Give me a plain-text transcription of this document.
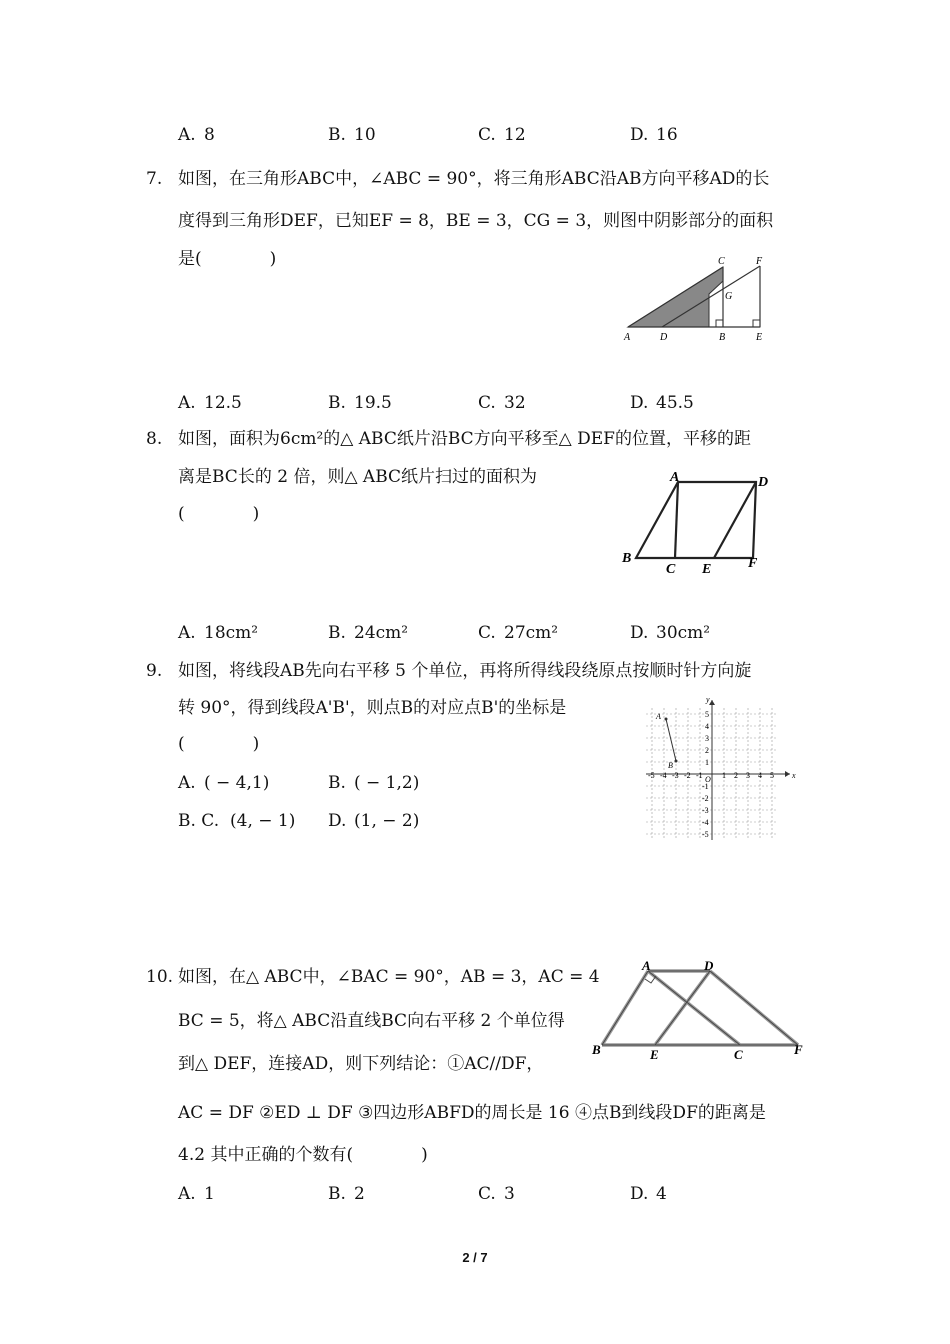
A. 8	B. 10	C. 12	D. 16
7. 如图，在三角形ABC中，∠ABC = 90°，将三角形ABC沿AB方向平移AD的长
度得到三角形DEF，已知EF = 8，BE = 3，CG = 3，则图中阴影部分的面积
是(　　　　)
A	D	B	E
C	F
G
A. 12.5	B. 19.5	C. 32	D. 45.5
8. 如图，面积为6cm²的△ ABC纸片沿BC方向平移至△ DEF的位置，平移的距
离是BC长的 2 倍，则△ ABC纸片扫过的面积为
(　　　　)
A	D
B
C E	F
A. 18cm²	B. 24cm²	C. 27cm²	D. 30cm²
9. 如图，将线段AB先向右平移 5 个单位，再将所得线段绕原点按顺时针方向旋
转 90°，得到线段A'B'，则点B的对应点B'的坐标是
(　　　　)
A. ( − 4,1)	B. ( − 1,2)
B. C. (4, − 1) D. (1, − 2)
-5 -4 -3 -2 -1 1 2 3 4 5
5
4
3
2
1
-1
-2
-3
-4
-5
x
y
O
A
B
10. 如图，在△ ABC中，∠BAC = 90°，AB = 3，AC = 4
BC = 5，将△ ABC沿直线BC向右平移 2 个单位得
到△ DEF，连接AD，则下列结论：①AC//DF，
AC = DF ②ED ⊥ DF ③四边形ABFD的周长是 16 ④点B到线段DF的距离是
4.2 其中正确的个数有(　　　　)
A	D
B	E	C	F
A. 1	B. 2	C. 3	D. 4
2 / 7
